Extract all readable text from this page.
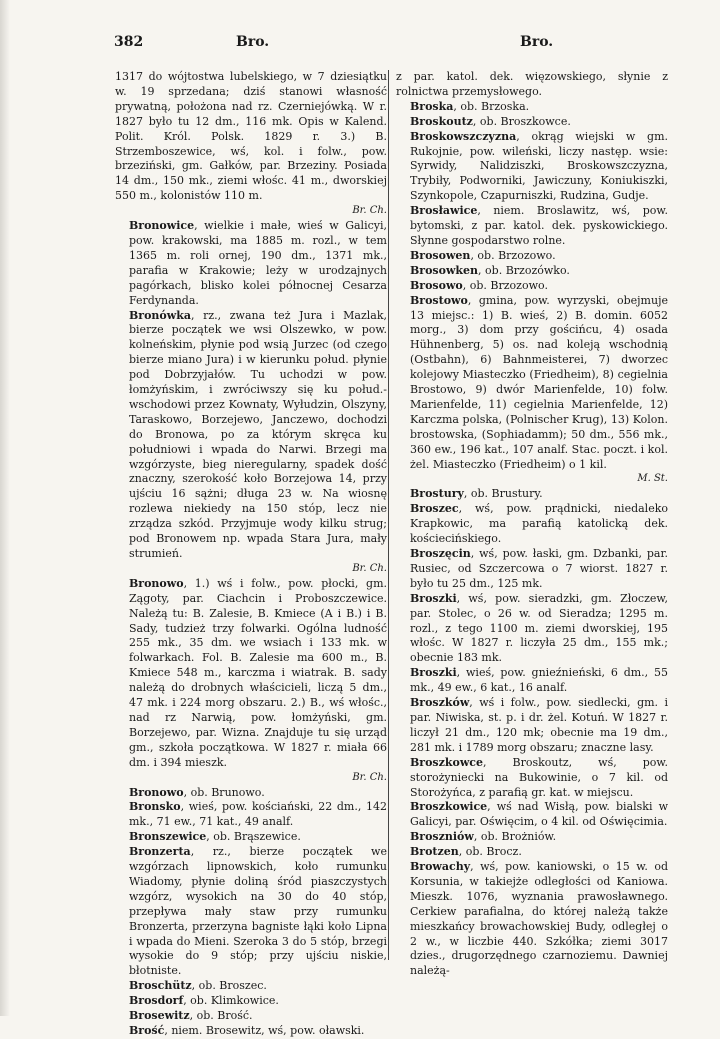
382	Bro.	Bro.

1317 do wójtostwa lubelskiego, w 7 dziesiątku w. 19 sprzedana; dziś stanowi własność prywatną, położona nad rz. Czerniejówką. W r. 1827 było tu 12 dm., 116 mk. Opis w Kalend. Polit. Król. Polsk. 1829 r. 3.) B. Strzemboszewice, wś, kol. i folw., pow. brzeziński, gm. Gałków, par. Brzeziny. Posiada 14 dm., 150 mk., ziemi włośc. 41 m., dworskiej 550 m., kolonistów 110 m.
Br. Ch.

Bronowice, wielkie i małe, wieś w Galicyi, pow. krakowski, ma 1885 m. rozl., w tem 1365 m. roli ornej, 190 dm., 1371 mk., parafia w Krakowie; leży w urodzajnych pagórkach, blisko kolei północnej Cesarza Ferdynanda.

Bronówka, rz., zwana też Jura i Mazlak, bierze początek we wsi Olszewko, w pow. kolneńskim, płynie pod wsią Jurzec (od czego bierze miano Jura) i w kierunku połud. płynie pod Dobrzyjałów. Tu uchodzi w pow. łomżyńskim, i zwróciwszy się ku połud.-wschodowi przez Kownaty, Wyłudzin, Olszyny, Taraskowo, Borzejewo, Janczewo, dochodzi do Bronowa, po za którym skręca ku południowi i wpada do Narwi. Brzegi ma wzgórzyste, bieg nieregularny, spadek dość znaczny, szerokość koło Borzejowa 14, przy ujściu 16 sążni; długa 23 w. Na wiosnę rozlewa niekiedy na 150 stóp, lecz nie zrządza szkód. Przyjmuje wody kilku strug; pod Bronowem np. wpada Stara Jura, mały strumień.
Br. Ch.

Bronowo, 1.) wś i folw., pow. płocki, gm. Zągoty, par. Ciachcin i Proboszczewice. Należą tu: B. Zalesie, B. Kmiece (A i B.) i B. Sady, tudzież trzy folwarki. Ogólna ludność 255 mk., 35 dm. we wsiach i 133 mk. w folwarkach. Fol. B. Zalesie ma 600 m., B. Kmiece 548 m., karczma i wiatrak. B. sady należą do drobnych właścicieli, liczą 5 dm., 47 mk. i 224 morg obszaru. 2.) B., wś włośc., nad rz Narwią, pow. łomżyński, gm. Borzejewo, par. Wizna. Znajduje tu się urząd gm., szkoła początkowa. W 1827 r. miała 66 dm. i 394 mieszk.
Br. Ch.

Bronowo, ob. Brunowo.

Bronsko, wieś, pow. kościański, 22 dm., 142 mk., 71 ew., 71 kat., 49 analf.

Bronszewice, ob. Brąszewice.

Bronzerta, rz., bierze początek we wzgórzach lipnowskich, koło rumunku Wiadomy, płynie doliną śród piaszczystych wzgórz, wysokich na 30 do 40 stóp, przepływa mały staw przy rumunku Bronzerta, przerzyna bagniste łąki koło Lipna i wpada do Mieni. Szeroka 3 do 5 stóp, brzegi wysokie do 9 stóp; przy ujściu niskie, błotniste.

Broschütz, ob. Broszec.

Brosdorf, ob. Klimkowice.

Brosewitz, ob. Brość.

Brość, niem. Brosewitz, wś, pow. oławski.

z par. katol. dek. więzowskiego, słynie z rolnictwa przemysłowego.

Broska, ob. Brzoska.

Broskoutz, ob. Broszkowce.

Broskowszczyzna, okrąg wiejski w gm. Rukojnie, pow. wileński, liczy następ. wsie: Syrwidy, Nalidziszki, Broskowszczyzna, Trybiły, Podworniki, Jawiczuny, Koniukiszki, Szynkopole, Czapurniszki, Rudzina, Gudje.

Brosławice, niem. Broslawitz, wś, pow. bytomski, z par. katol. dek. pyskowickiego. Słynne gospodarstwo rolne.

Brosowen, ob. Brzozowo.

Brosowken, ob. Brzozówko.

Brosowo, ob. Brzozowo.

Brostowo, gmina, pow. wyrzyski, obejmuje 13 miejsc.: 1) B. wieś, 2) B. domin. 6052 morg., 3) dom przy gościńcu, 4) osada Hühnenberg, 5) os. nad koleją wschodnią (Ostbahn), 6) Bahnmeisterei, 7) dworzec kolejowy Miasteczko (Friedheim), 8) cegielnia Brostowo, 9) dwór Marienfelde, 10) folw. Marienfelde, 11) cegielnia Marienfelde, 12) Karczma polska, (Polnischer Krug), 13) Kolon. brostowska, (Sophiadamm); 50 dm., 556 mk., 360 ew., 196 kat., 107 analf. Stac. poczt. i kol. żel. Miasteczko (Friedheim) o 1 kil.
M. St.

Brostury, ob. Brustury.

Broszec, wś, pow. prądnicki, niedaleko Krapkowic, ma parafią katolicką dek. kościecińskiego.

Broszęcin, wś, pow. łaski, gm. Dzbanki, par. Rusiec, od Szczercowa o 7 wiorst. 1827 r. było tu 25 dm., 125 mk.

Broszki, wś, pow. sieradzki, gm. Złoczew, par. Stolec, o 26 w. od Sieradza; 1295 m. rozl., z tego 1100 m. ziemi dworskiej, 195 włośc. W 1827 r. liczyła 25 dm., 155 mk.; obecnie 183 mk.

Broszki, wieś, pow. gnieźnieński, 6 dm., 55 mk., 49 ew., 6 kat., 16 analf.

Broszków, wś i folw., pow. siedlecki, gm. i par. Niwiska, st. p. i dr. żel. Kotuń. W 1827 r. liczył 21 dm., 120 mk; obecnie ma 19 dm., 281 mk. i 1789 morg obszaru; znaczne lasy.

Broszkowce, Broskoutz, wś, pow. storożyniecki na Bukowinie, o 7 kil. od Storożyńca, z parafią gr. kat. w miejscu.

Broszkowice, wś nad Wisłą, pow. bialski w Galicyi, par. Oświęcim, o 4 kil. od Oświęcimia.

Broszniów, ob. Brożniów.

Brotzen, ob. Brocz.

Browachy, wś, pow. kaniowski, o 15 w. od Korsunia, w takiejże odległości od Kaniowa. Mieszk. 1076, wyznania prawosławnego. Cerkiew parafialna, do której należą także mieszkańcy browachowskiej Budy, odległej o 2 w., w liczbie 440. Szkółka; ziemi 3017 dzies., drugorzędnego czarnoziemu. Dawniej należą-
